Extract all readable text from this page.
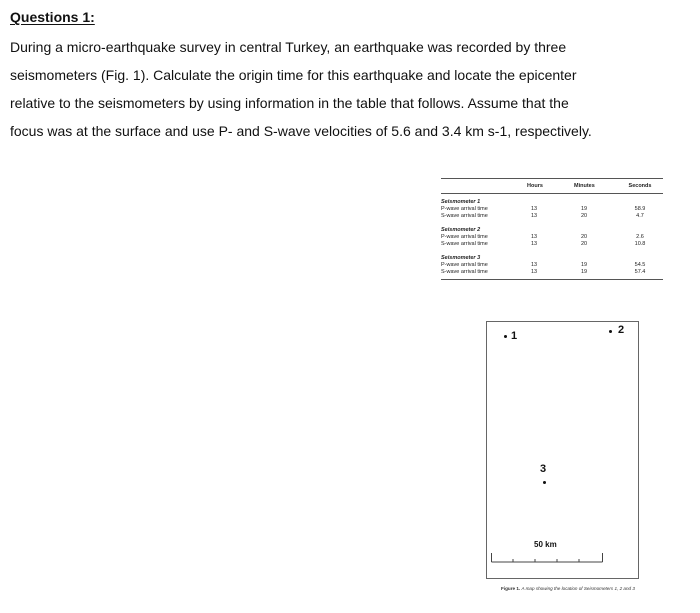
Questions 1:
During a micro-earthquake survey in central Turkey, an earthquake was recorded by three
seismometers (Fig. 1). Calculate the origin time for this earthquake and locate the epicenter
relative to the seismometers by using information in the table that follows. Assume that the
focus was at the surface and use P- and S-wave velocities of 5.6 and 3.4 km s-1, respectively.
Hours	Minutes	Seconds
Seismometer 1
P-wave arrival time	13	19	58.9
S-wave arrival time	13	20	4.7
Seismometer 2
P-wave arrival time	13	20	2.6
S-wave arrival time	13	20	10.8
Seismometer 3
P-wave arrival time	13	19	54.5
S-wave arrival time	13	19	57.4
1	2
3
50 km
Figure 1. A map showing the location of Seismometers 1, 2 and 3
